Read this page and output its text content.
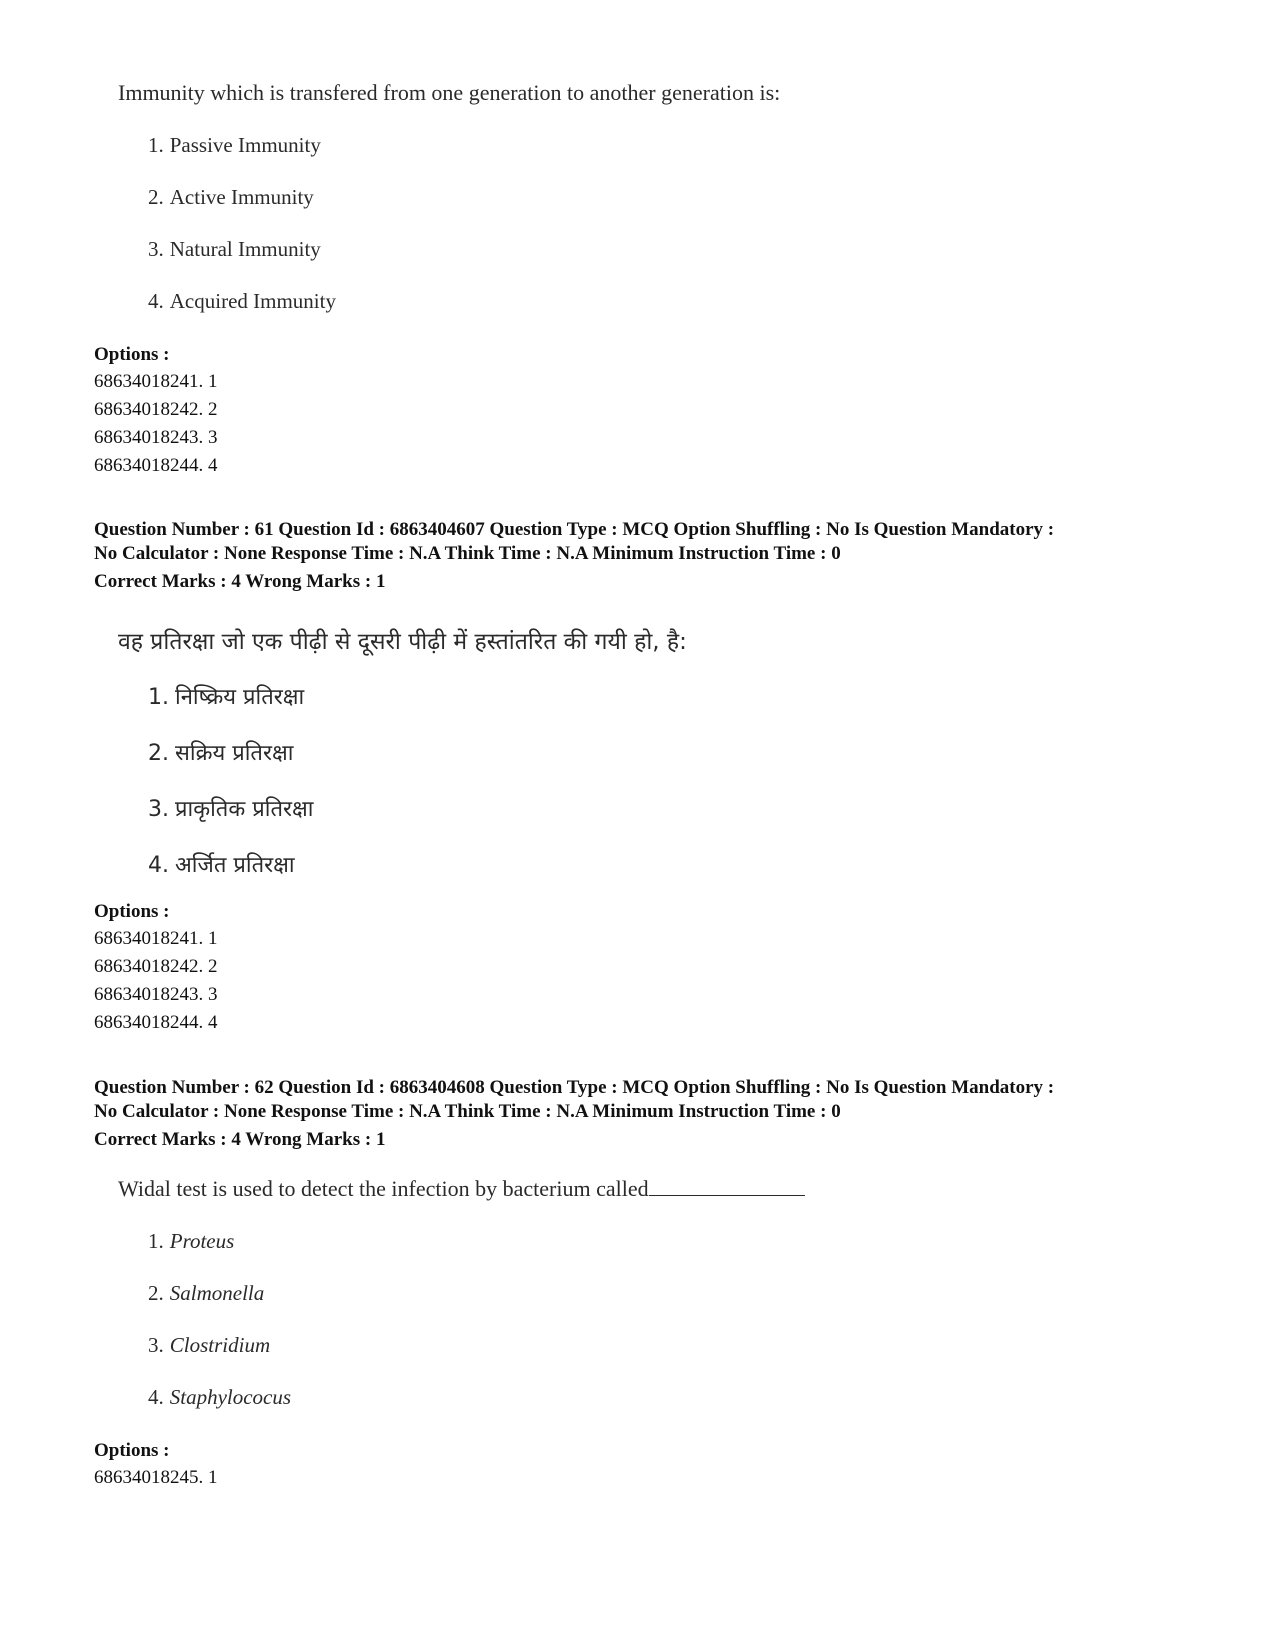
Immunity which is transfered from one generation to another generation is:
1. Passive Immunity
2. Active Immunity
3. Natural Immunity
4. Acquired Immunity
Options :
68634018241. 1
68634018242. 2
68634018243. 3
68634018244. 4
Question Number : 61 Question Id : 6863404607 Question Type : MCQ Option Shuffling : No Is Question Mandatory :
No Calculator : None Response Time : N.A Think Time : N.A Minimum Instruction Time : 0
Correct Marks : 4 Wrong Marks : 1
वह प्रतिरक्षा जो एक पीढ़ी से दूसरी पीढ़ी में हस्तांतरित की गयी हो, है:
1. निष्क्रिय प्रतिरक्षा
2. सक्रिय प्रतिरक्षा
3. प्राकृतिक प्रतिरक्षा
4. अर्जित प्रतिरक्षा
Options :
68634018241. 1
68634018242. 2
68634018243. 3
68634018244. 4
Question Number : 62 Question Id : 6863404608 Question Type : MCQ Option Shuffling : No Is Question Mandatory :
No Calculator : None Response Time : N.A Think Time : N.A Minimum Instruction Time : 0
Correct Marks : 4 Wrong Marks : 1
Widal test is used to detect the infection by bacterium called
1. Proteus
2. Salmonella
3. Clostridium
4. Staphylococus
Options :
68634018245. 1
